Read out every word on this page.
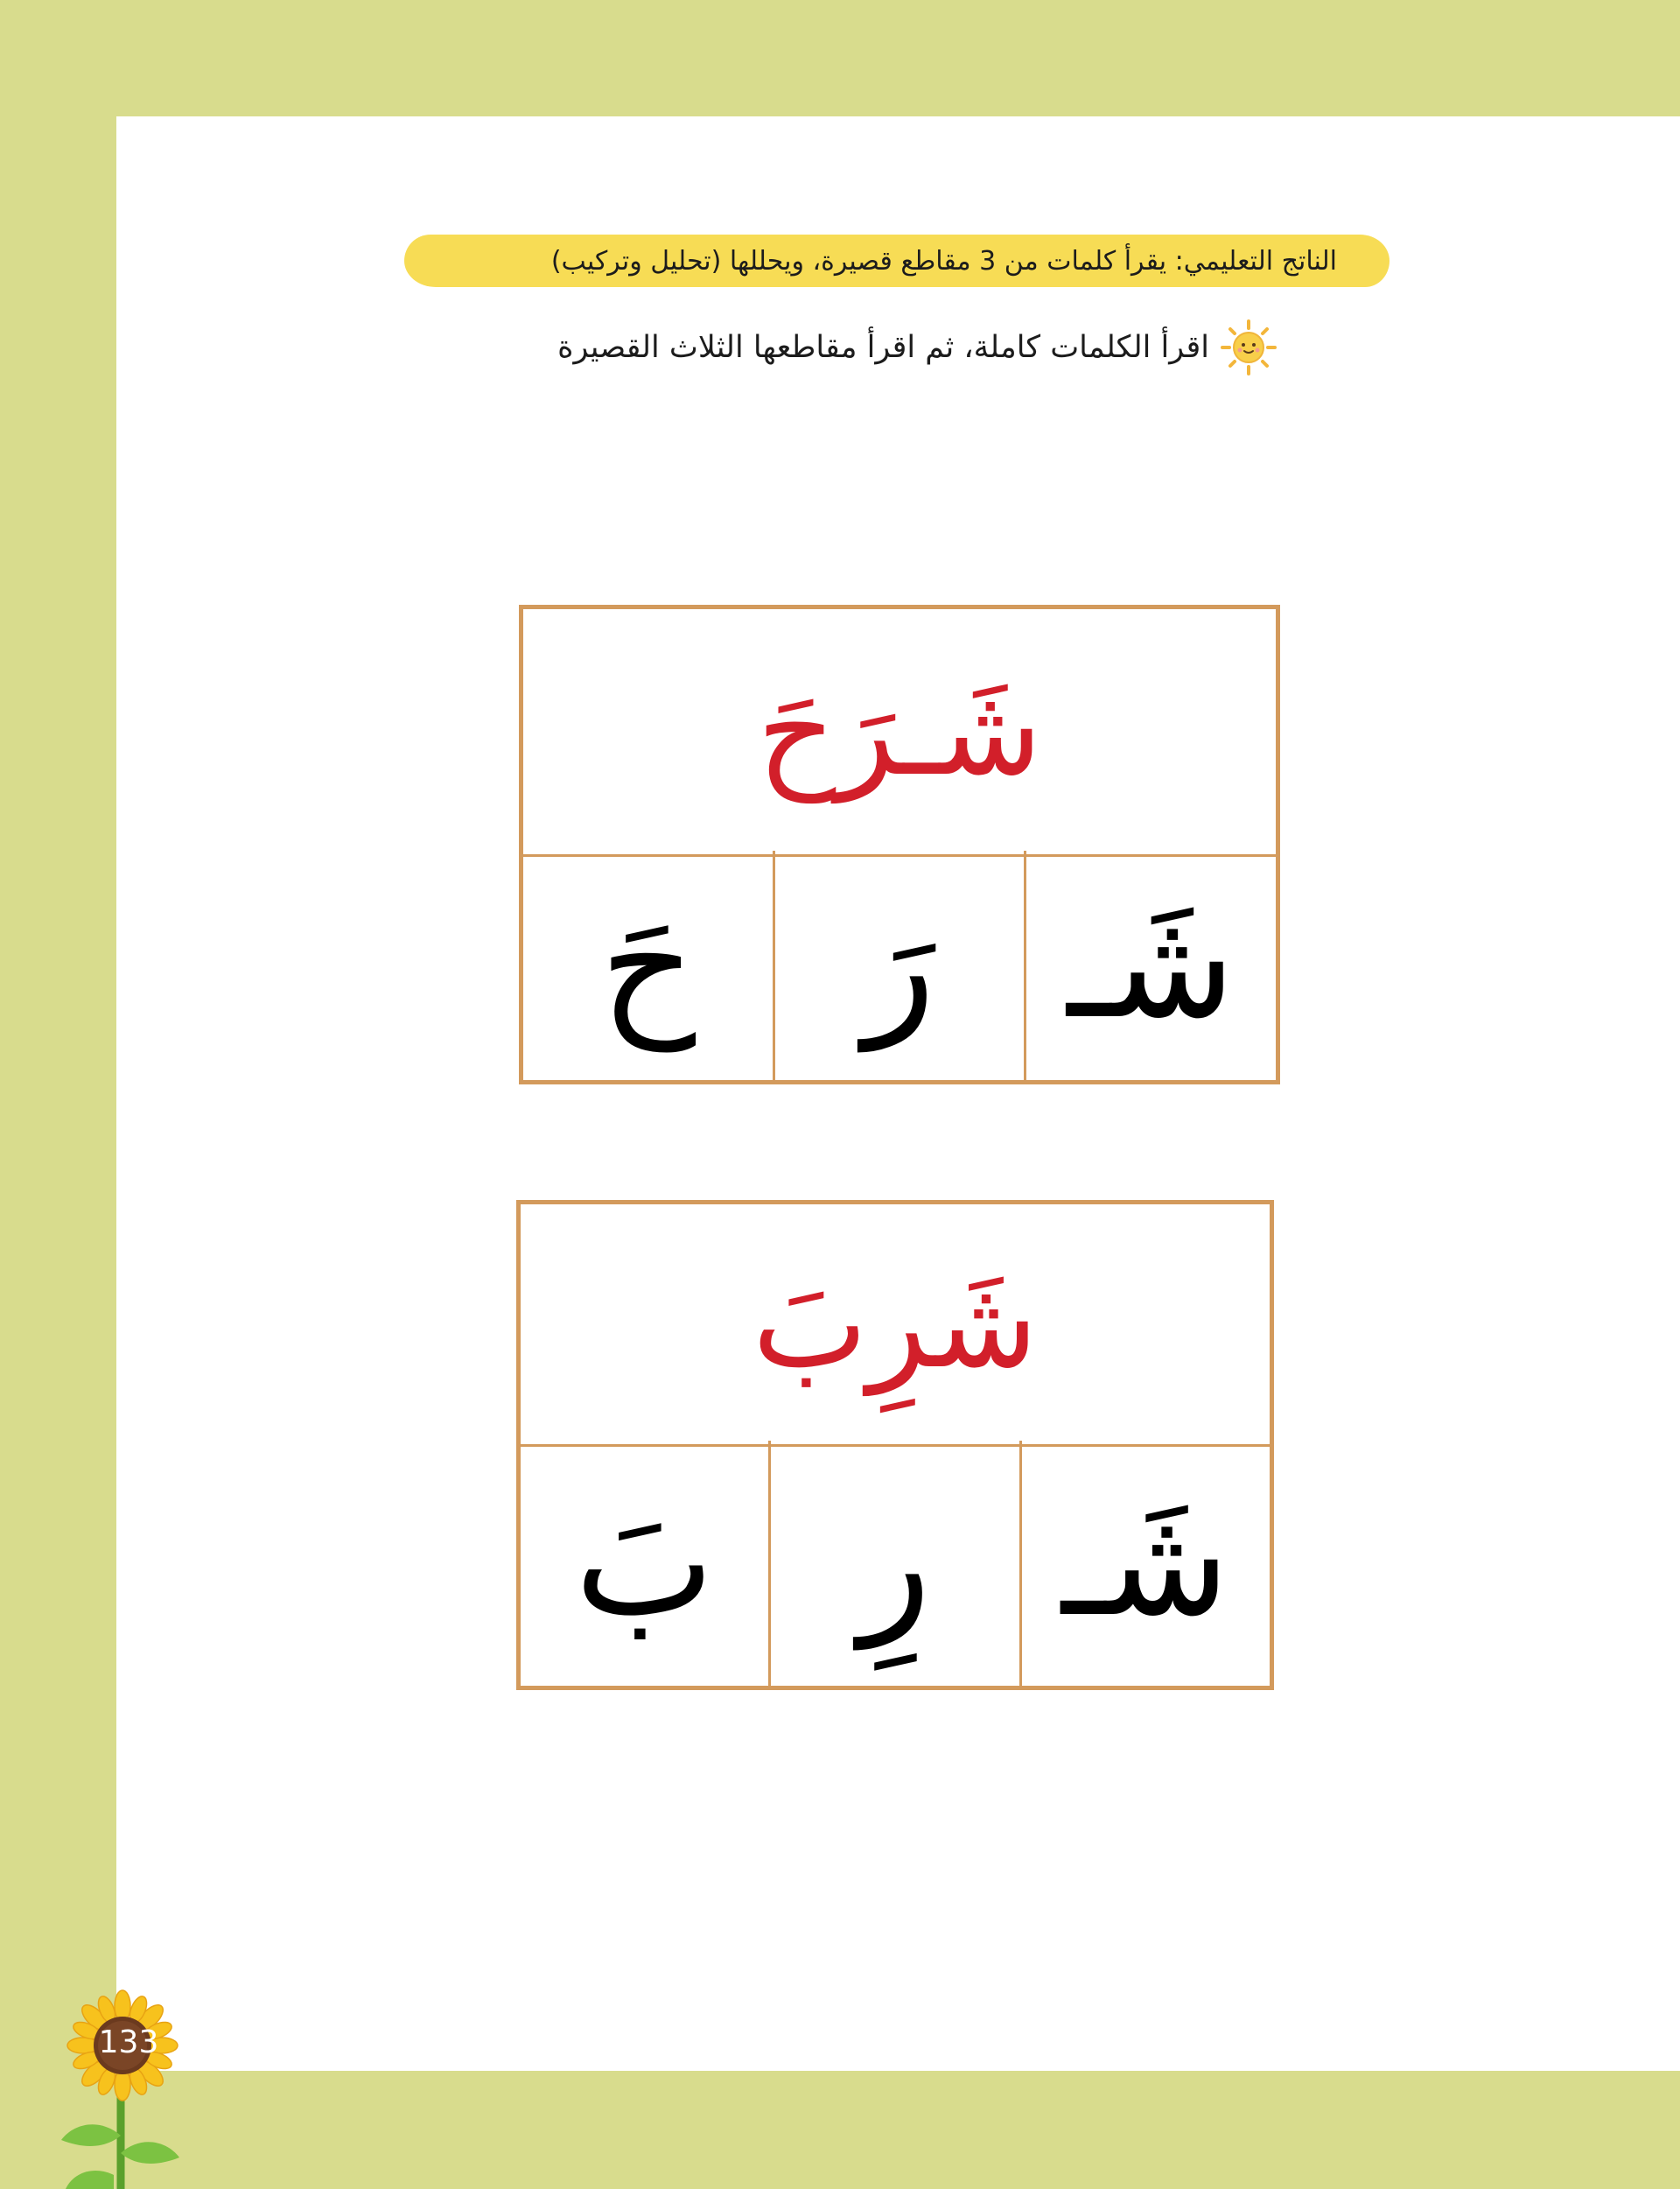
الناتج التعليمي: يقرأ كلمات من 3 مقاطع قصيرة، ويحللها (تحليل وتركيب)
اقرأ الكلمات كاملة، ثم اقرأ مقاطعها الثلاث القصيرة
شَـرَحَ
شَـ
رَ
حَ
شَرِبَ
شَـ
رِ
بَ
133
